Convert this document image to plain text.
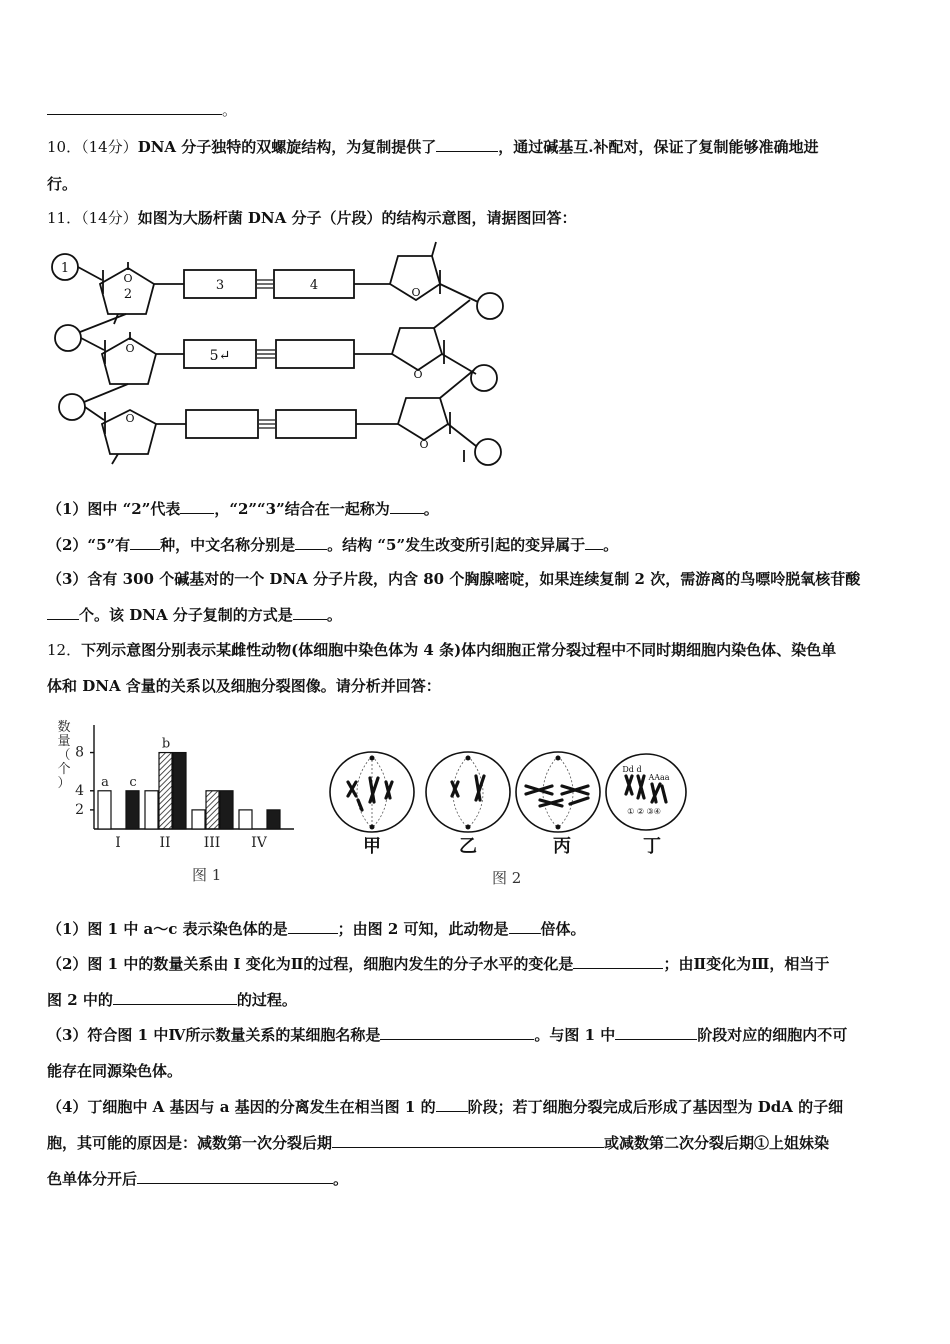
。
10．（14分）DNA 分子独特的双螺旋结构，为复制提供了	，通过碱基互.补配对，保证了复制能够准确地进
行。
11．（14分）如图为大肠杆菌 DNA 分子（片段）的结构示意图，请据图回答：
1
2
3	4
5↵
O
O
O
O
O
O
（1）图中 “2”代表 ，“2”“3”结合在一起称为 。
（2）“5”有 种，中文名称分别是 。结构 “5”发生改变所引起的变异属于 。
（3）含有 300 个碱基对的一个 DNA 分子片段，内含 80 个胸腺嘧啶，如果连续复制 2 次，需游离的鸟嘌呤脱氧核苷酸
个。该 DNA 分子复制的方式是 。
12．下列示意图分别表示某雌性动物(体细胞中染色体为 4 条)体内细胞正常分裂过程中不同时期细胞内染色体、染色单
体和 DNA 含量的关系以及细胞分裂图像。请分析并回答：
数
量
（
个
）
2
4
8
I	II III IV
a c
b
图 1
Dd d
AAaa
① ② ③④
甲	乙	丙	丁
图 2
（1）图 1 中 a～c 表示染色体的是	；由图 2 可知，此动物是 倍体。
（2）图 1 中的数量关系由 I 变化为Ⅱ的过程，细胞内发生的分子水平的变化是	；由Ⅱ变化为Ⅲ，相当于
图 2 中的	的过程。
（3）符合图 1 中Ⅳ所示数量关系的某细胞名称是	。与图 1 中	阶段对应的细胞内不可
能存在同源染色体。
（4）丁细胞中 A 基因与 a 基因的分离发生在相当图 1 的 阶段；若丁细胞分裂完成后形成了基因型为 DdA 的子细
胞，其可能的原因是：减数第一次分裂后期	或减数第二次分裂后期①上姐妹染
色单体分开后	。
